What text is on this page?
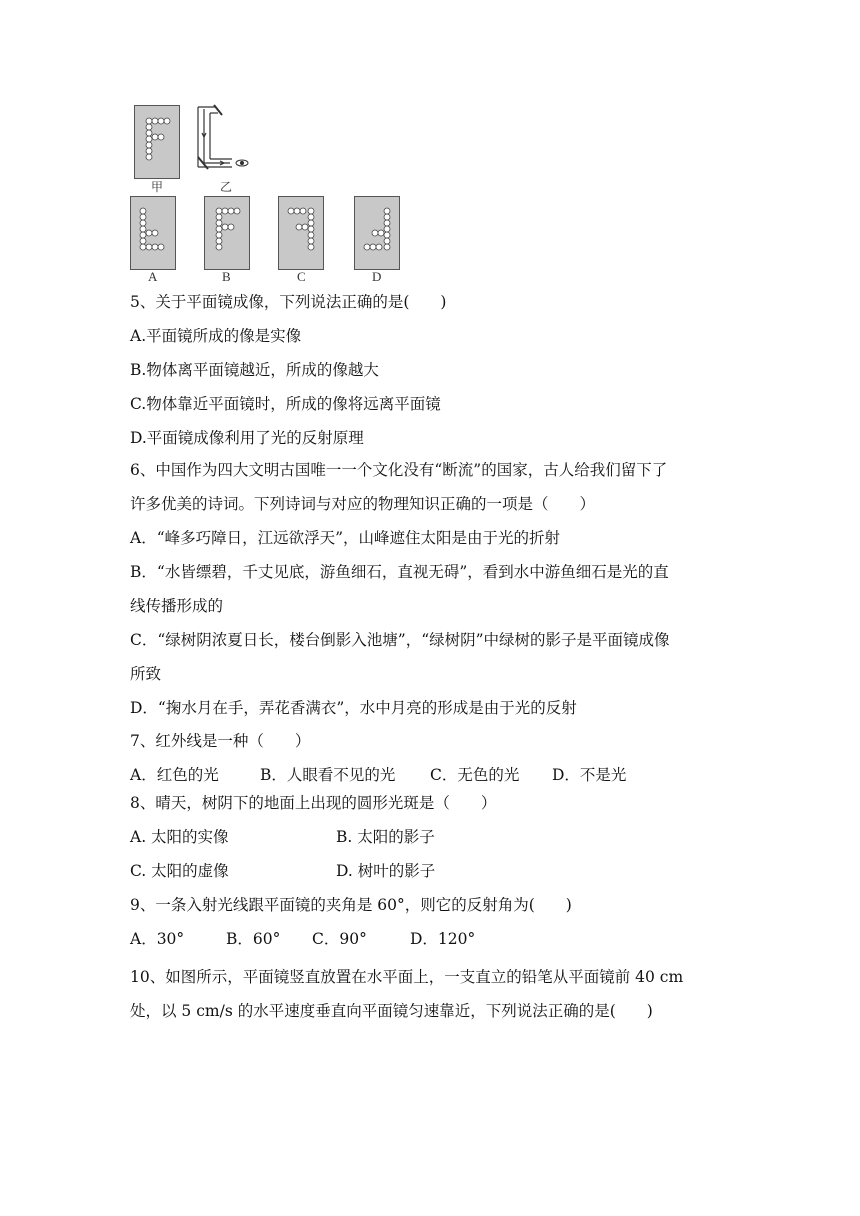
甲	乙
A	B	C	D
5、关于平面镜成像，下列说法正确的是(　　)
A.平面镜所成的像是实像
B.物体离平面镜越近，所成的像越大
C.物体靠近平面镜时，所成的像将远离平面镜
D.平面镜成像利用了光的反射原理
6、中国作为四大文明古国唯一一个文化没有“断流”的国家，古人给我们留下了
许多优美的诗词。下列诗词与对应的物理知识正确的一项是（　　）
A．“峰多巧障日，江远欲浮天”，山峰遮住太阳是由于光的折射
B．“水皆缥碧，千丈见底，游鱼细石，直视无碍”，看到水中游鱼细石是光的直
线传播形成的
C．“绿树阴浓夏日长，楼台倒影入池塘”，“绿树阴”中绿树的影子是平面镜成像
所致
D．“掬水月在手，弄花香满衣”，水中月亮的形成是由于光的反射
7、红外线是一种（　　）
A．红色的光	B．人眼看不见的光 C．无色的光 D．不是光
8、晴天，树阴下的地面上出现的圆形光斑是（　　）
A. 太阳的实像	B. 太阳的影子
C. 太阳的虚像	D. 树叶的影子
9、一条入射光线跟平面镜的夹角是 60°，则它的反射角为(　　)
A．30°	B．60° C．90°	D．120°
10、如图所示，平面镜竖直放置在水平面上，一支直立的铅笔从平面镜前 40 cm
处，以 5 cm/s 的水平速度垂直向平面镜匀速靠近，下列说法正确的是(　　)
